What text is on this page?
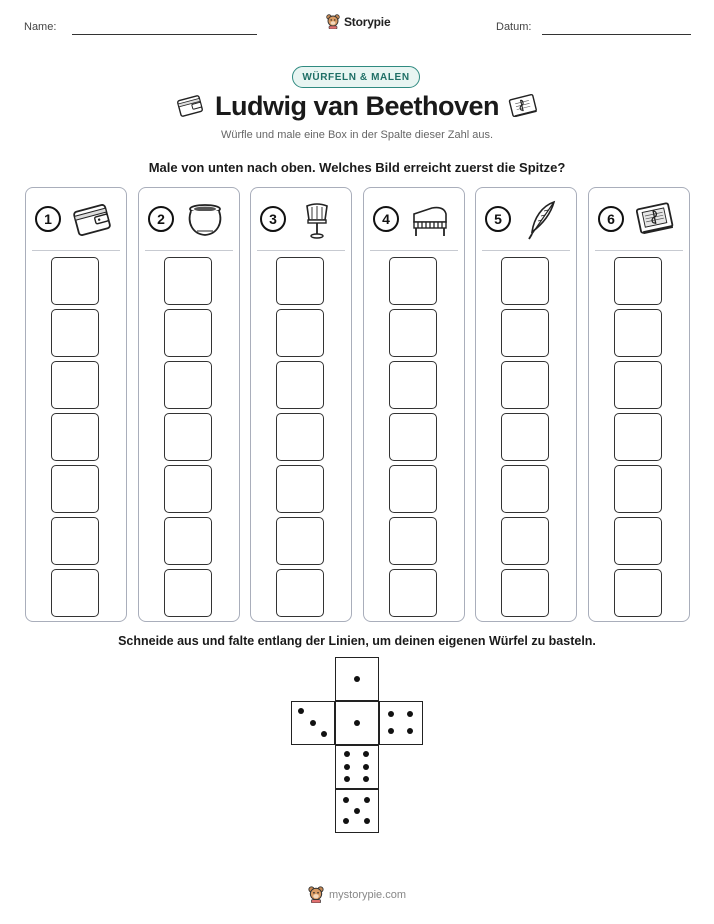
Name:	Storypie	Datum:
WÜRFELN & MALEN
Ludwig van Beethoven
Würfle und male eine Box in der Spalte dieser Zahl aus.
Male von unten nach oben. Welches Bild erreicht zuerst die Spitze?
1	2	3	4	5	6
Schneide aus und falte entlang der Linien, um deinen eigenen Würfel zu basteln.
mystorypie.com
